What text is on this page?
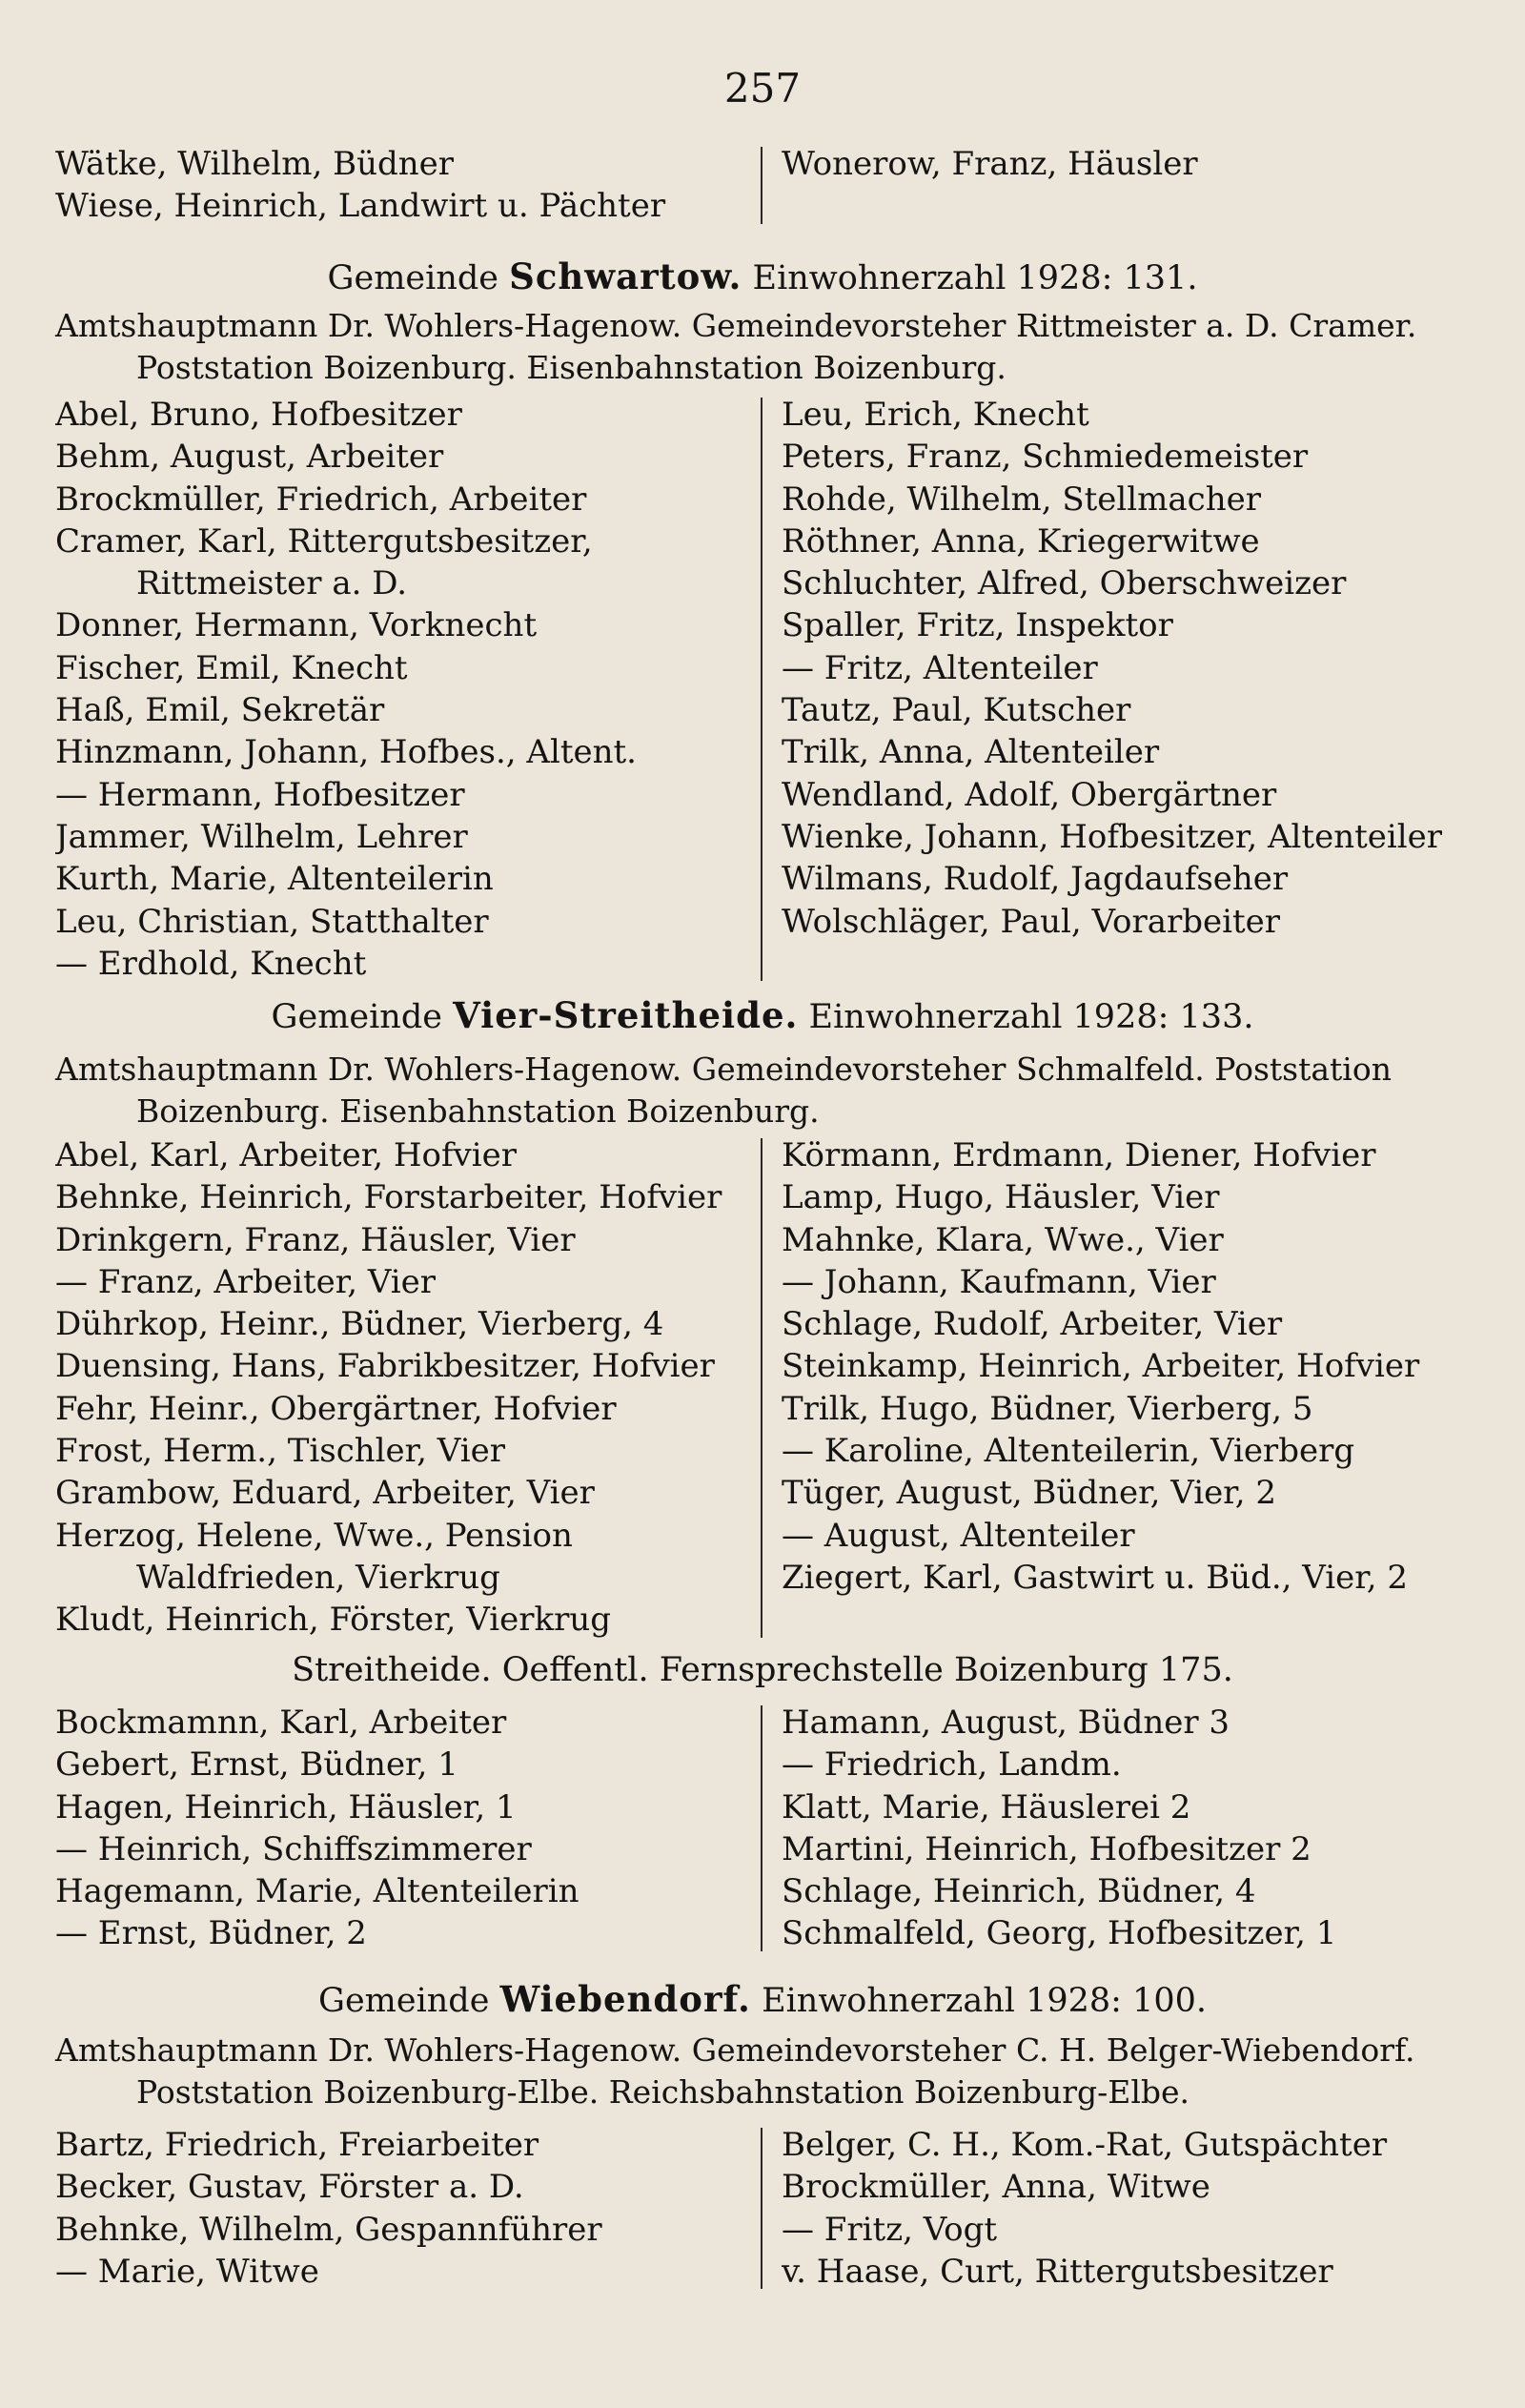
257
Wätke, Wilhelm, Büdner
Wiese, Heinrich, Landwirt u. Pächter
Wonerow, Franz, Häusler
Gemeinde Schwartow. Einwohnerzahl 1928: 131.
Amtshauptmann Dr. Wohlers-Hagenow. Gemeindevorsteher Rittmeister a. D. Cramer.
Poststation Boizenburg. Eisenbahnstation Boizenburg.
Abel, Bruno, Hofbesitzer
Behm, August, Arbeiter
Brockmüller, Friedrich, Arbeiter
Cramer, Karl, Rittergutsbesitzer, Rittmeister a. D.
Donner, Hermann, Vorknecht
Fischer, Emil, Knecht
Haß, Emil, Sekretär
Hinzmann, Johann, Hofbes., Altent.
— Hermann, Hofbesitzer
Jammer, Wilhelm, Lehrer
Kurth, Marie, Altenteilerin
Leu, Christian, Statthalter
— Erdhold, Knecht
Leu, Erich, Knecht
Peters, Franz, Schmiedemeister
Rohde, Wilhelm, Stellmacher
Röthner, Anna, Kriegerwitwe
Schluchter, Alfred, Oberschweizer
Spaller, Fritz, Inspektor
— Fritz, Altenteiler
Tautz, Paul, Kutscher
Trilk, Anna, Altenteiler
Wendland, Adolf, Obergärtner
Wienke, Johann, Hofbesitzer, Altenteiler
Wilmans, Rudolf, Jagdaufseher
Wolschläger, Paul, Vorarbeiter
Gemeinde Vier-Streitheide. Einwohnerzahl 1928: 133.
Amtshauptmann Dr. Wohlers-Hagenow. Gemeindevorsteher Schmalfeld. Poststation
Boizenburg. Eisenbahnstation Boizenburg.
Abel, Karl, Arbeiter, Hofvier
Behnke, Heinrich, Forstarbeiter, Hofvier
Drinkgern, Franz, Häusler, Vier
— Franz, Arbeiter, Vier
Dührkop, Heinr., Büdner, Vierberg, 4
Duensing, Hans, Fabrikbesitzer, Hofvier
Fehr, Heinr., Obergärtner, Hofvier
Frost, Herm., Tischler, Vier
Grambow, Eduard, Arbeiter, Vier
Herzog, Helene, Wwe., Pension Waldfrieden, Vierkrug
Kludt, Heinrich, Förster, Vierkrug
Körmann, Erdmann, Diener, Hofvier
Lamp, Hugo, Häusler, Vier
Mahnke, Klara, Wwe., Vier
— Johann, Kaufmann, Vier
Schlage, Rudolf, Arbeiter, Vier
Steinkamp, Heinrich, Arbeiter, Hofvier
Trilk, Hugo, Büdner, Vierberg, 5
— Karoline, Altenteilerin, Vierberg
Tüger, August, Büdner, Vier, 2
— August, Altenteiler
Ziegert, Karl, Gastwirt u. Büd., Vier, 2
Streitheide. Oeffentl. Fernsprechstelle Boizenburg 175.
Bockmamnn, Karl, Arbeiter
Gebert, Ernst, Büdner, 1
Hagen, Heinrich, Häusler, 1
— Heinrich, Schiffszimmerer
Hagemann, Marie, Altenteilerin
— Ernst, Büdner, 2
Hamann, August, Büdner 3
— Friedrich, Landm.
Klatt, Marie, Häuslerei 2
Martini, Heinrich, Hofbesitzer 2
Schlage, Heinrich, Büdner, 4
Schmalfeld, Georg, Hofbesitzer, 1
Gemeinde Wiebendorf. Einwohnerzahl 1928: 100.
Amtshauptmann Dr. Wohlers-Hagenow. Gemeindevorsteher C. H. Belger-Wiebendorf.
Poststation Boizenburg-Elbe. Reichsbahnstation Boizenburg-Elbe.
Bartz, Friedrich, Freiarbeiter
Becker, Gustav, Förster a. D.
Behnke, Wilhelm, Gespannführer
— Marie, Witwe
Belger, C. H., Kom.-Rat, Gutspächter
Brockmüller, Anna, Witwe
— Fritz, Vogt
v. Haase, Curt, Rittergutsbesitzer
